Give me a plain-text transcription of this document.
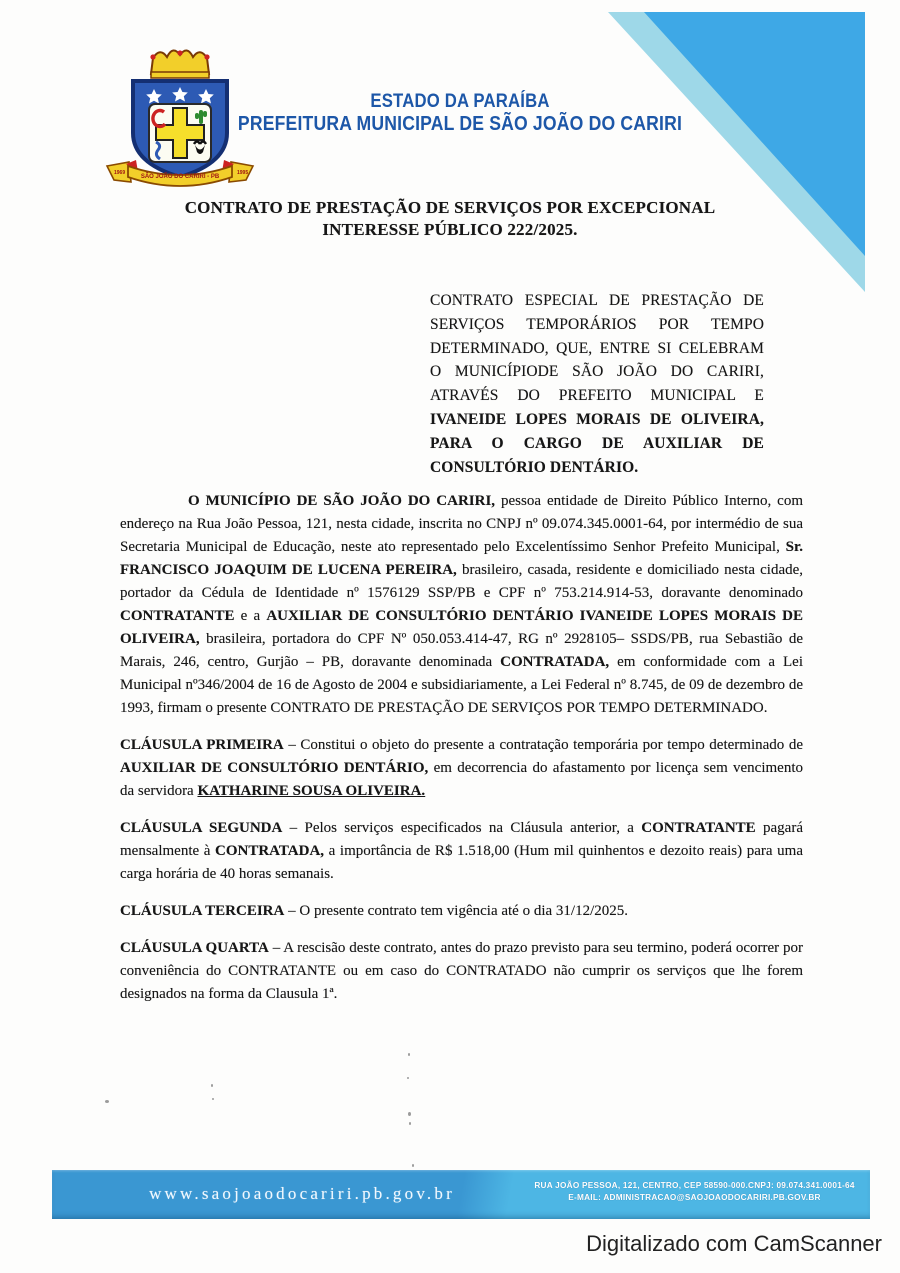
1969	1995
SÃO JOÃO DO CARIRI - PB
ESTADO DA PARAÍBA
PREFEITURA MUNICIPAL DE SÃO JOÃO DO CARIRI
CONTRATO DE PRESTAÇÃO DE SERVIÇOS POR EXCEPCIONAL
INTERESSE PÚBLICO 222/2025.
CONTRATO ESPECIAL DE PRESTAÇÃO DE SERVIÇOS TEMPORÁRIOS POR TEMPO DETERMINADO, QUE, ENTRE SI CELEBRAM O MUNICÍPIODE SÃO JOÃO DO CARIRI, ATRAVÉS DO PREFEITO MUNICIPAL E IVANEIDE LOPES MORAIS DE OLIVEIRA, PARA O CARGO DE AUXILIAR DE CONSULTÓRIO DENTÁRIO.

O MUNICÍPIO DE SÃO JOÃO DO CARIRI, pessoa entidade de Direito Público Interno, com endereço na Rua João Pessoa, 121, nesta cidade, inscrita no CNPJ nº 09.074.345.0001-64, por intermédio de sua Secretaria Municipal de Educação, neste ato representado pelo Excelentíssimo Senhor Prefeito Municipal, Sr. FRANCISCO JOAQUIM DE LUCENA PEREIRA, brasileiro, casada, residente e domiciliado nesta cidade, portador da Cédula de Identidade nº 1576129 SSP/PB e CPF nº 753.214.914-53, doravante denominado CONTRATANTE e a AUXILIAR DE CONSULTÓRIO DENTÁRIO IVANEIDE LOPES MORAIS DE OLIVEIRA, brasileira, portadora do CPF Nº 050.053.414-47, RG nº 2928105– SSDS/PB, rua Sebastião de Marais, 246, centro, Gurjão – PB, doravante denominada CONTRATADA, em conformidade com a Lei Municipal nº346/2004 de 16 de Agosto de 2004 e subsidiariamente, a Lei Federal nº 8.745, de 09 de dezembro de 1993, firmam o presente CONTRATO DE PRESTAÇÃO DE SERVIÇOS POR TEMPO DETERMINADO.

CLÁUSULA PRIMEIRA – Constitui o objeto do presente a contratação temporária por tempo determinado de AUXILIAR DE CONSULTÓRIO DENTÁRIO, em decorrencia do afastamento por licença sem vencimento da servidora KATHARINE SOUSA OLIVEIRA.

CLÁUSULA SEGUNDA – Pelos serviços especificados na Cláusula anterior, a CONTRATANTE pagará mensalmente à CONTRATADA, a importância de R$ 1.518,00 (Hum mil quinhentos e dezoito reais) para uma carga horária de 40 horas semanais.

CLÁUSULA TERCEIRA – O presente contrato tem vigência até o dia 31/12/2025.

CLÁUSULA QUARTA – A rescisão deste contrato, antes do prazo previsto para seu termino, poderá ocorrer por conveniência do CONTRATANTE ou em caso do CONTRATADO não cumprir os serviços que lhe forem designados na forma da Clausula 1ª.

www.saojoaodocariri.pb.gov.br	RUA JOÃO PESSOA, 121, CENTRO, CEP 58590-000.CNPJ: 09.074.341.0001-64
E-MAIL: ADMINISTRACAO@SAOJOAODOCARIRI.PB.GOV.BR
Digitalizado com CamScanner
